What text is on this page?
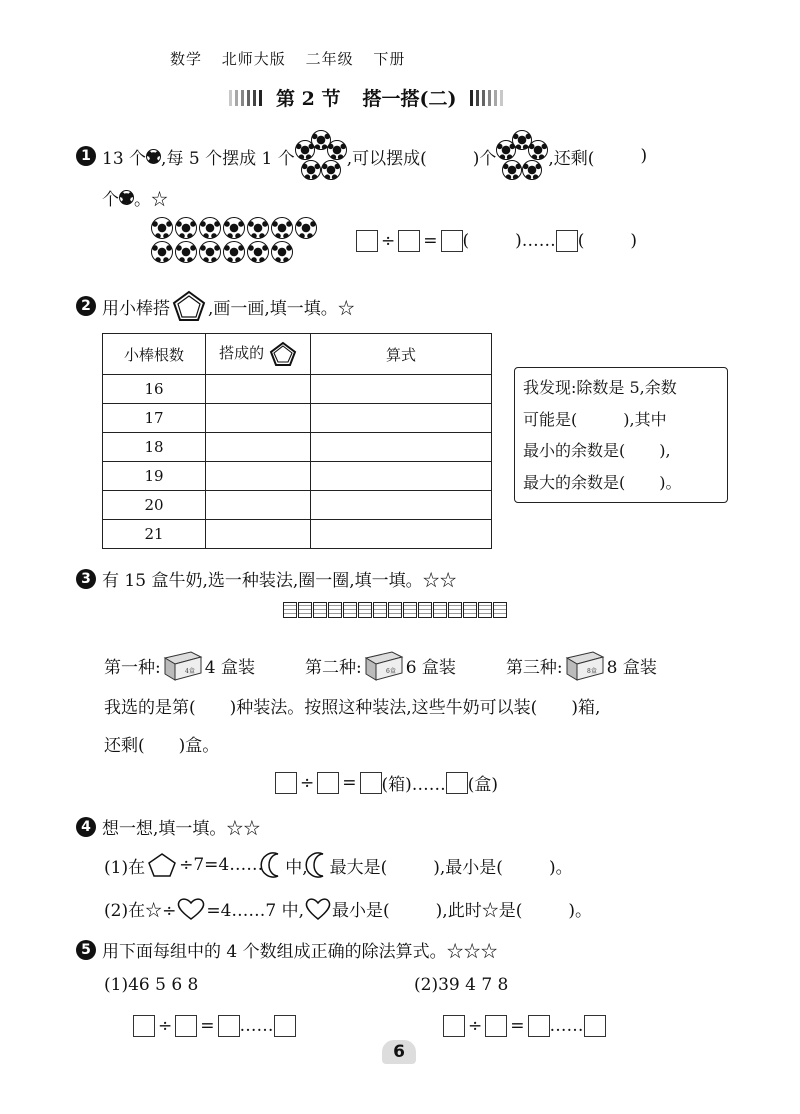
数学 北师大版 二年级 下册
第 2 节 搭一搭(二)
1 13 个 ,每 5 个摆成 1 个	,可以摆成(	)个	,还剩(	)
个 。☆

÷ = (	)…… (	)
2 用小棒搭 ,画一画,填一填。☆
小棒根数	搭成的	算式
16		
17		
18		
19		
20		
21		
我发现:除数是 5,余数
可能是(	),其中
最小的余数是( ),
最大的余数是( )。
3 有 15 盒牛奶,选一种装法,圈一圈,填一填。☆☆
第一种:	4盒 4 盒装	第二种:	6盒 6 盒装	第三种:	8盒 8 盒装
我选的是第( )种装法。按照这种装法,这些牛奶可以装( )箱,
还剩( )盒。
÷ = (箱)…… (盒)
4 想一想,填一填。☆☆
(1)在 ÷7=4…… 中, 最大是(	),最小是(	)。
(2)在☆÷ =4……7 中, 最小是(	),此时☆是(	)。
5 用下面每组中的 4 个数组成正确的除法算式。☆☆☆
(1)46 5 6 8	(2)39 4 7 8
÷ = ……	÷ = ……
6
